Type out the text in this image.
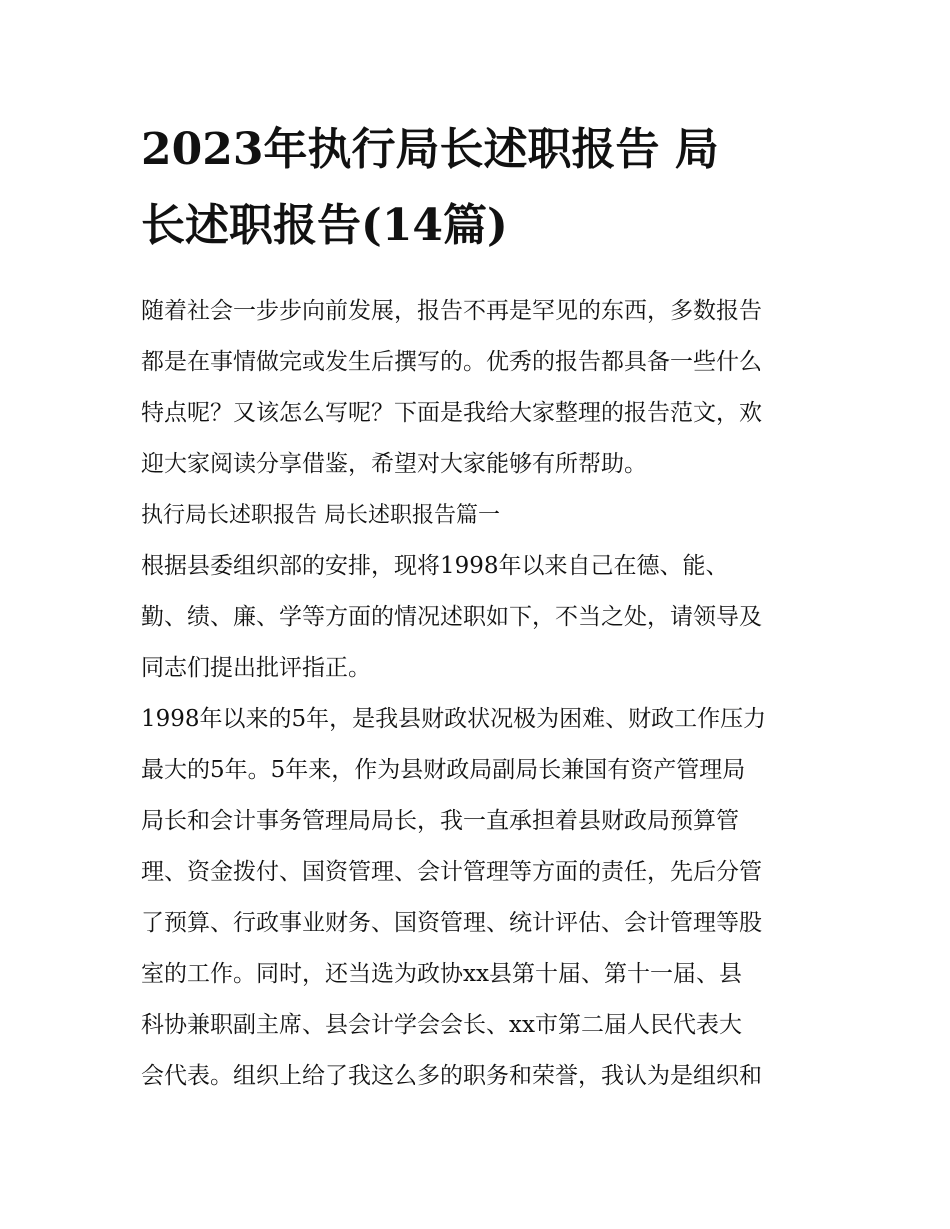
2023年执行局长述职报告 局
长述职报告(14篇)
随着社会一步步向前发展，报告不再是罕见的东西，多数报告
都是在事情做完或发生后撰写的。优秀的报告都具备一些什么
特点呢？又该怎么写呢？下面是我给大家整理的报告范文，欢
迎大家阅读分享借鉴，希望对大家能够有所帮助。
执行局长述职报告 局长述职报告篇一
根据县委组织部的安排，现将1998年以来自己在德、能、
勤、绩、廉、学等方面的情况述职如下，不当之处，请领导及
同志们提出批评指正。
1998年以来的5年，是我县财政状况极为困难、财政工作压力
最大的5年。5年来，作为县财政局副局长兼国有资产管理局
局长和会计事务管理局局长，我一直承担着县财政局预算管
理、资金拨付、国资管理、会计管理等方面的责任，先后分管
了预算、行政事业财务、国资管理、统计评估、会计管理等股
室的工作。同时，还当选为政协xx县第十届、第十一届、县
科协兼职副主席、县会计学会会长、xx市第二届人民代表大
会代表。组织上给了我这么多的职务和荣誉，我认为是组织和
